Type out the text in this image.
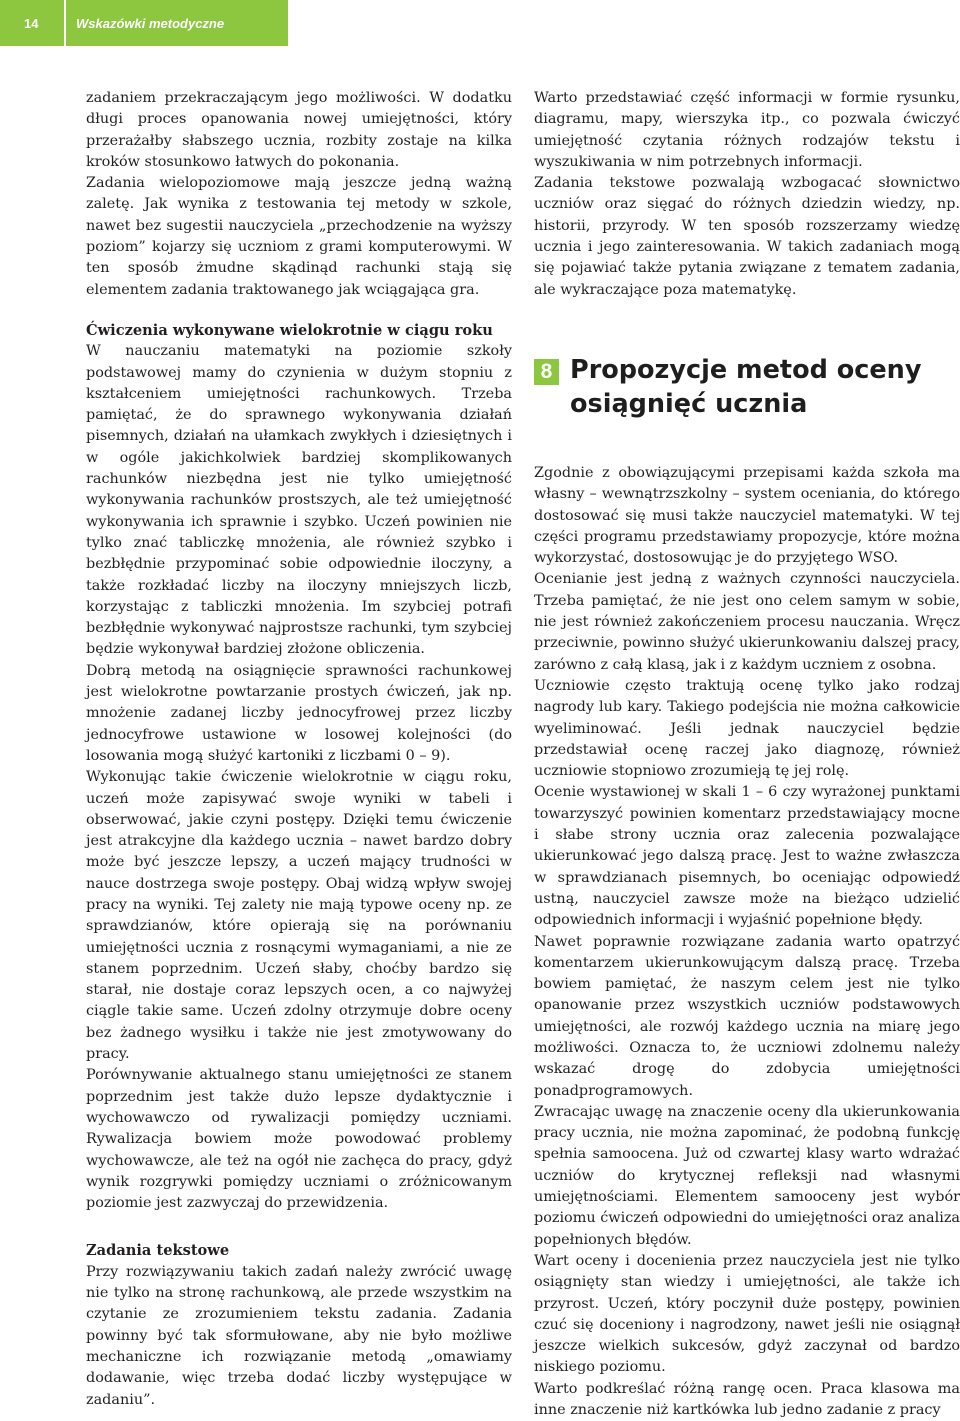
14	Wskazówki metodyczne

zadaniem przekraczającym jego możliwości. W dodatku długi proces opanowania nowej umiejętności, który przerażałby słabszego ucznia, rozbity zostaje na kilka kroków stosunkowo łatwych do pokonania.

Zadania wielopoziomowe mają jeszcze jedną ważną zaletę. Jak wynika z testowania tej metody w szkole, nawet bez sugestii nauczyciela „przechodzenie na wyższy poziom” kojarzy się uczniom z grami komputerowymi. W ten sposób żmudne skądinąd rachunki stają się elementem zadania traktowanego jak wciągająca gra.

Ćwiczenia wykonywane wielokrotnie w ciągu roku

W nauczaniu matematyki na poziomie szkoły podstawowej mamy do czynienia w dużym stopniu z kształceniem umiejętności rachunkowych. Trzeba pamiętać, że do sprawnego wykonywania działań pisemnych, działań na ułamkach zwykłych i dziesiętnych i w ogóle jakichkolwiek bardziej skomplikowanych rachunków niezbędna jest nie tylko umiejętność wykonywania rachunków prostszych, ale też umiejętność wykonywania ich sprawnie i szybko. Uczeń powinien nie tylko znać tabliczkę mnożenia, ale również szybko i bezbłędnie przypominać sobie odpowiednie iloczyny, a także rozkładać liczby na iloczyny mniejszych liczb, korzystając z tabliczki mnożenia. Im szybciej potrafi bezbłędnie wykonywać najprostsze rachunki, tym szybciej będzie wykonywał bardziej złożone obliczenia.

Dobrą metodą na osiągnięcie sprawności rachunkowej jest wielokrotne powtarzanie prostych ćwiczeń, jak np. mnożenie zadanej liczby jednocyfrowej przez liczby jednocyfrowe ustawione w losowej kolejności (do losowania mogą służyć kartoniki z liczbami 0 – 9).

Wykonując takie ćwiczenie wielokrotnie w ciągu roku, uczeń może zapisywać swoje wyniki w tabeli i obserwować, jakie czyni postępy. Dzięki temu ćwiczenie jest atrakcyjne dla każdego ucznia – nawet bardzo dobry może być jeszcze lepszy, a uczeń mający trudności w nauce dostrzega swoje postępy. Obaj widzą wpływ swojej pracy na wyniki. Tej zalety nie mają typowe oceny np. ze sprawdzianów, które opierają się na porównaniu umiejętności ucznia z rosnącymi wymaganiami, a nie ze stanem poprzednim. Uczeń słaby, choćby bardzo się starał, nie dostaje coraz lepszych ocen, a co najwyżej ciągle takie same. Uczeń zdolny otrzymuje dobre oceny bez żadnego wysiłku i także nie jest zmotywowany do pracy.

Porównywanie aktualnego stanu umiejętności ze stanem poprzednim jest także dużo lepsze dydaktycznie i wychowawczo od rywalizacji pomiędzy uczniami. Rywalizacja bowiem może powodować problemy wychowawcze, ale też na ogół nie zachęca do pracy, gdyż wynik rozgrywki pomiędzy uczniami o zróżnicowanym poziomie jest zazwyczaj do przewidzenia.

Zadania tekstowe

Przy rozwiązywaniu takich zadań należy zwrócić uwagę nie tylko na stronę rachunkową, ale przede wszystkim na czytanie ze zrozumieniem tekstu zadania. Zadania powinny być tak sformułowane, aby nie było możliwe mechaniczne ich rozwiązanie metodą „omawiamy dodawanie, więc trzeba dodać liczby występujące w zadaniu”.

Warto przedstawiać część informacji w formie rysunku, diagramu, mapy, wierszyka itp., co pozwala ćwiczyć umiejętność czytania różnych rodzajów tekstu i wyszukiwania w nim potrzebnych informacji.

Zadania tekstowe pozwalają wzbogacać słownictwo uczniów oraz sięgać do różnych dziedzin wiedzy, np. historii, przyrody. W ten sposób rozszerzamy wiedzę ucznia i jego zainteresowania. W takich zadaniach mogą się pojawiać także pytania związane z tematem zadania, ale wykraczające poza matematykę.

8 Propozycje metod oceny osiągnięć ucznia

Zgodnie z obowiązującymi przepisami każda szkoła ma własny – wewnątrzszkolny – system oceniania, do którego dostosować się musi także nauczyciel matematyki. W tej części programu przedstawiamy propozycje, które można wykorzystać, dostosowując je do przyjętego WSO.

Ocenianie jest jedną z ważnych czynności nauczyciela. Trzeba pamiętać, że nie jest ono celem samym w sobie, nie jest również zakończeniem procesu nauczania. Wręcz przeciwnie, powinno służyć ukierunkowaniu dalszej pracy, zarówno z całą klasą, jak i z każdym uczniem z osobna.

Uczniowie często traktują ocenę tylko jako rodzaj nagrody lub kary. Takiego podejścia nie można całkowicie wyeliminować. Jeśli jednak nauczyciel będzie przedstawiał ocenę raczej jako diagnozę, również uczniowie stopniowo zrozumieją tę jej rolę.

Ocenie wystawionej w skali 1 – 6 czy wyrażonej punktami towarzyszyć powinien komentarz przedstawiający mocne i słabe strony ucznia oraz zalecenia pozwalające ukierunkować jego dalszą pracę. Jest to ważne zwłaszcza w sprawdzianach pisemnych, bo oceniając odpowiedź ustną, nauczyciel zawsze może na bieżąco udzielić odpowiednich informacji i wyjaśnić popełnione błędy.

Nawet poprawnie rozwiązane zadania warto opatrzyć komentarzem ukierunkowującym dalszą pracę. Trzeba bowiem pamiętać, że naszym celem jest nie tylko opanowanie przez wszystkich uczniów podstawowych umiejętności, ale rozwój każdego ucznia na miarę jego możliwości. Oznacza to, że uczniowi zdolnemu należy wskazać drogę do zdobycia umiejętności ponadprogramowych.

Zwracając uwagę na znaczenie oceny dla ukierunkowania pracy ucznia, nie można zapominać, że podobną funkcję spełnia samoocena. Już od czwartej klasy warto wdrażać uczniów do krytycznej refleksji nad własnymi umiejętnościami. Elementem samooceny jest wybór poziomu ćwiczeń odpowiedni do umiejętności oraz analiza popełnionych błędów.

Wart oceny i docenienia przez nauczyciela jest nie tylko osiągnięty stan wiedzy i umiejętności, ale także ich przyrost. Uczeń, który poczynił duże postępy, powinien czuć się doceniony i nagrodzony, nawet jeśli nie osiągnął jeszcze wielkich sukcesów, gdyż zaczynał od bardzo niskiego poziomu.

Warto podkreślać różną rangę ocen. Praca klasowa ma inne znaczenie niż kartkówka lub jedno zadanie z pracy
